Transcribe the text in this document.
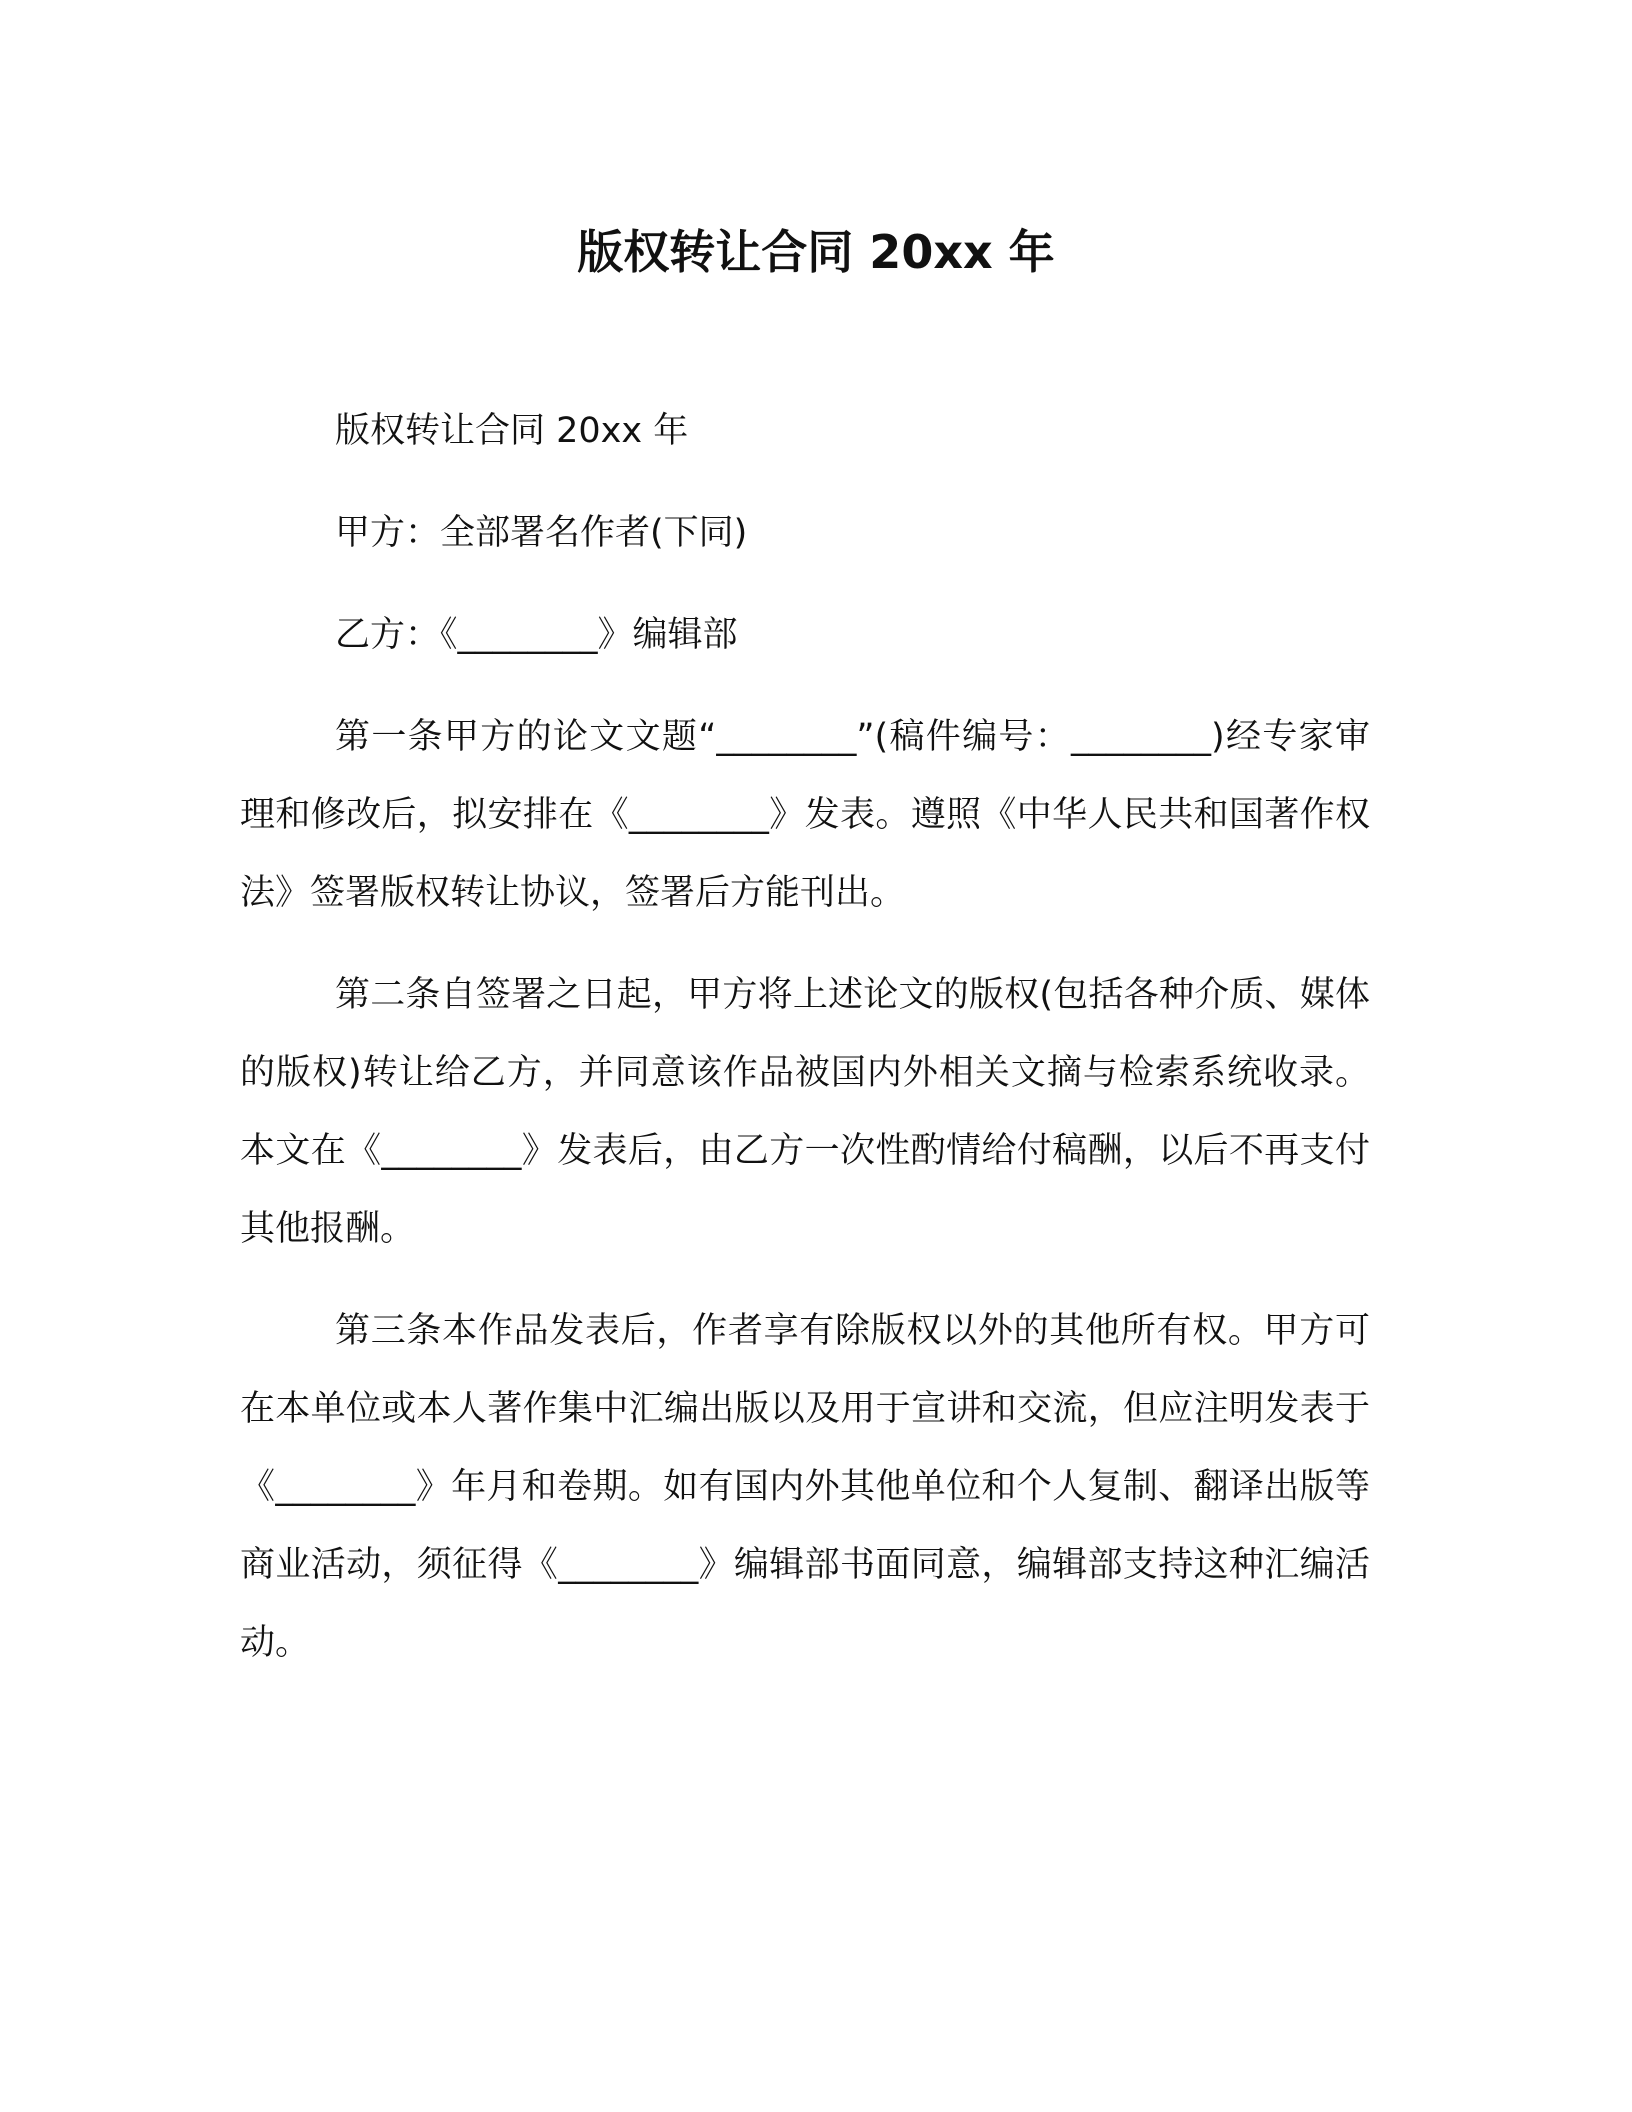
版权转让合同 20xx 年

版权转让合同 20xx 年

甲方：全部署名作者(下同)

乙方：《________》编辑部

第一条甲方的论文文题“________”(稿件编号：________)经专家审理和修改后，拟安排在《________》发表。遵照《中华人民共和国著作权法》签署版权转让协议，签署后方能刊出。

第二条自签署之日起，甲方将上述论文的版权(包括各种介质、媒体的版权)转让给乙方，并同意该作品被国内外相关文摘与检索系统收录。本文在《________》发表后，由乙方一次性酌情给付稿酬，以后不再支付其他报酬。

第三条本作品发表后，作者享有除版权以外的其他所有权。甲方可在本单位或本人著作集中汇编出版以及用于宣讲和交流，但应注明发表于《________》年月和卷期。如有国内外其他单位和个人复制、翻译出版等商业活动，须征得《________》编辑部书面同意，编辑部支持这种汇编活动。
